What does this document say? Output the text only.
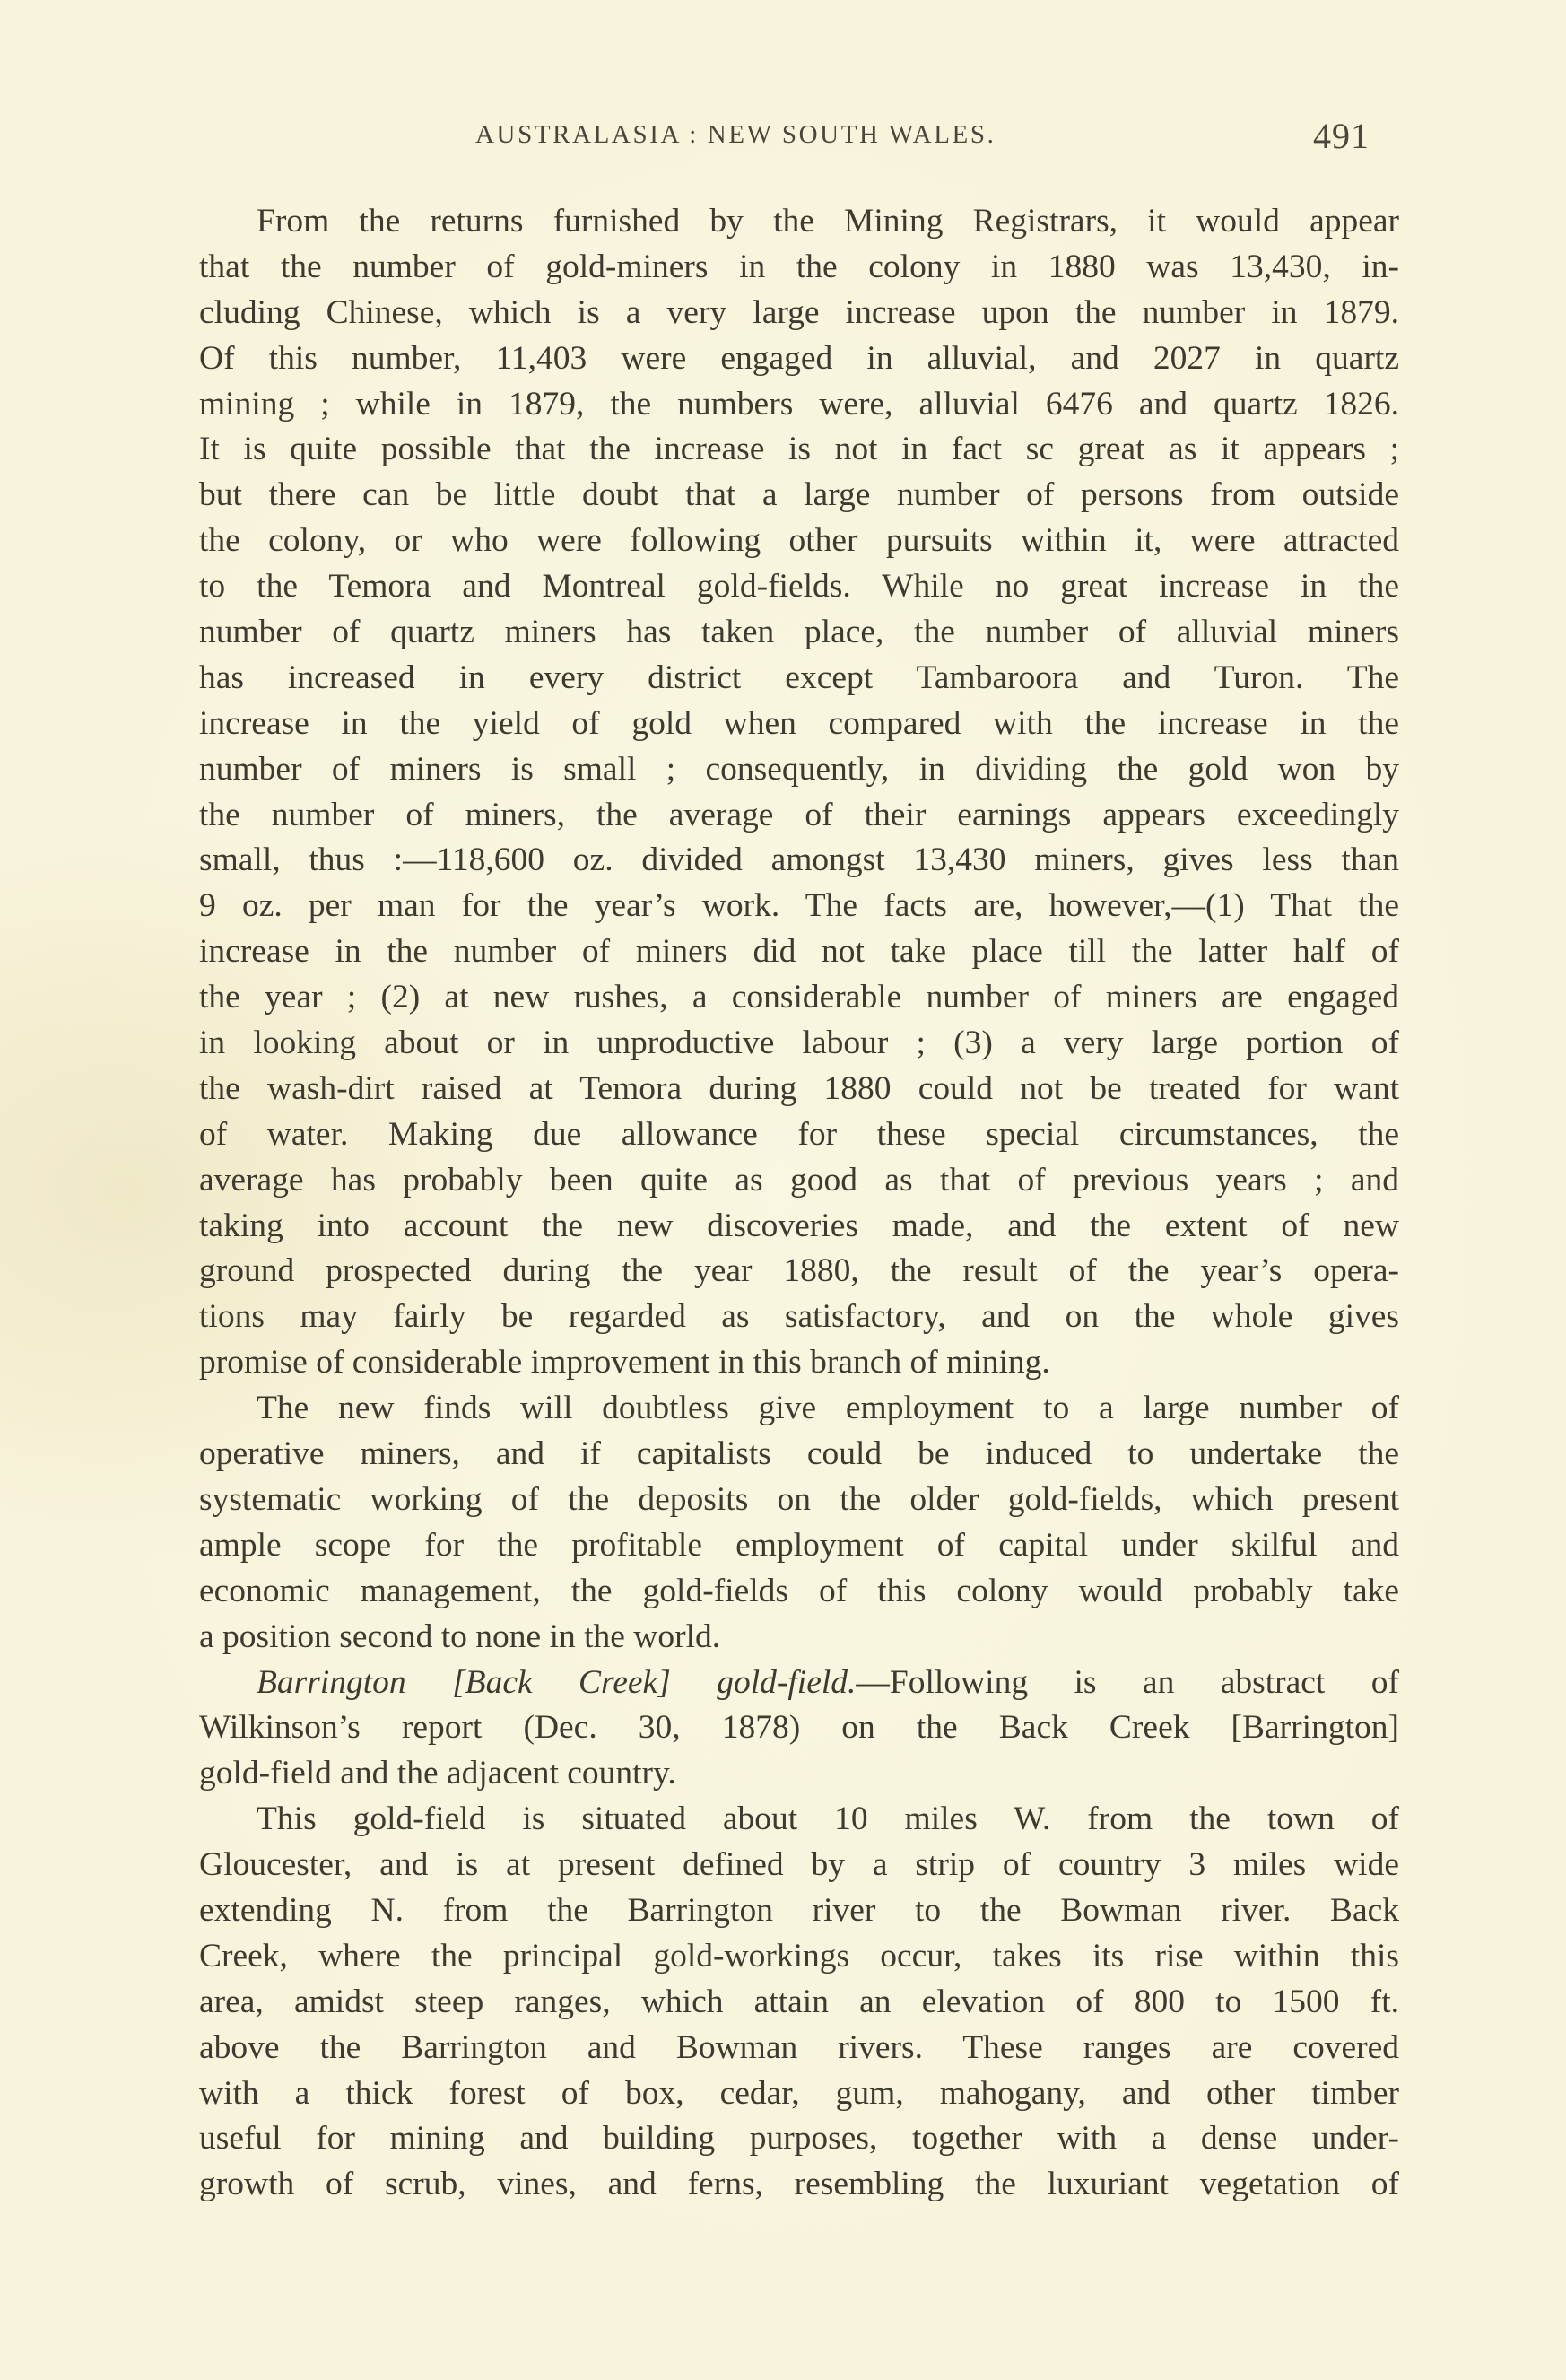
AUSTRALASIA : NEW SOUTH WALES.	491
From the returns furnished by the Mining Registrars, it would appear
that the number of gold-miners in the colony in 1880 was 13,430, in-
cluding Chinese, which is a very large increase upon the number in 1879.
Of this number, 11,403 were engaged in alluvial, and 2027 in quartz
mining ; while in 1879, the numbers were, alluvial 6476 and quartz 1826.
It is quite possible that the increase is not in fact sc great as it appears ;
but there can be little doubt that a large number of persons from outside
the colony, or who were following other pursuits within it, were attracted
to the Temora and Montreal gold-fields. While no great increase in the
number of quartz miners has taken place, the number of alluvial miners
has increased in every district except Tambaroora and Turon. The
increase in the yield of gold when compared with the increase in the
number of miners is small ; consequently, in dividing the gold won by
the number of miners, the average of their earnings appears exceedingly
small, thus :—118,600 oz. divided amongst 13,430 miners, gives less than
9 oz. per man for the year’s work. The facts are, however,—(1) That the
increase in the number of miners did not take place till the latter half of
the year ; (2) at new rushes, a considerable number of miners are engaged
in looking about or in unproductive labour ; (3) a very large portion of
the wash-dirt raised at Temora during 1880 could not be treated for want
of water. Making due allowance for these special circumstances, the
average has probably been quite as good as that of previous years ; and
taking into account the new discoveries made, and the extent of new
ground prospected during the year 1880, the result of the year’s opera-
tions may fairly be regarded as satisfactory, and on the whole gives
promise of considerable improvement in this branch of mining.
The new finds will doubtless give employment to a large number of
operative miners, and if capitalists could be induced to undertake the
systematic working of the deposits on the older gold-fields, which present
ample scope for the profitable employment of capital under skilful and
economic management, the gold-fields of this colony would probably take
a position second to none in the world.
Barrington [Back Creek] gold-field.—Following is an abstract of
Wilkinson’s report (Dec. 30, 1878) on the Back Creek [Barrington]
gold-field and the adjacent country.
This gold-field is situated about 10 miles W. from the town of
Gloucester, and is at present defined by a strip of country 3 miles wide
extending N. from the Barrington river to the Bowman river. Back
Creek, where the principal gold-workings occur, takes its rise within this
area, amidst steep ranges, which attain an elevation of 800 to 1500 ft.
above the Barrington and Bowman rivers. These ranges are covered
with a thick forest of box, cedar, gum, mahogany, and other timber
useful for mining and building purposes, together with a dense under-
growth of scrub, vines, and ferns, resembling the luxuriant vegetation of
